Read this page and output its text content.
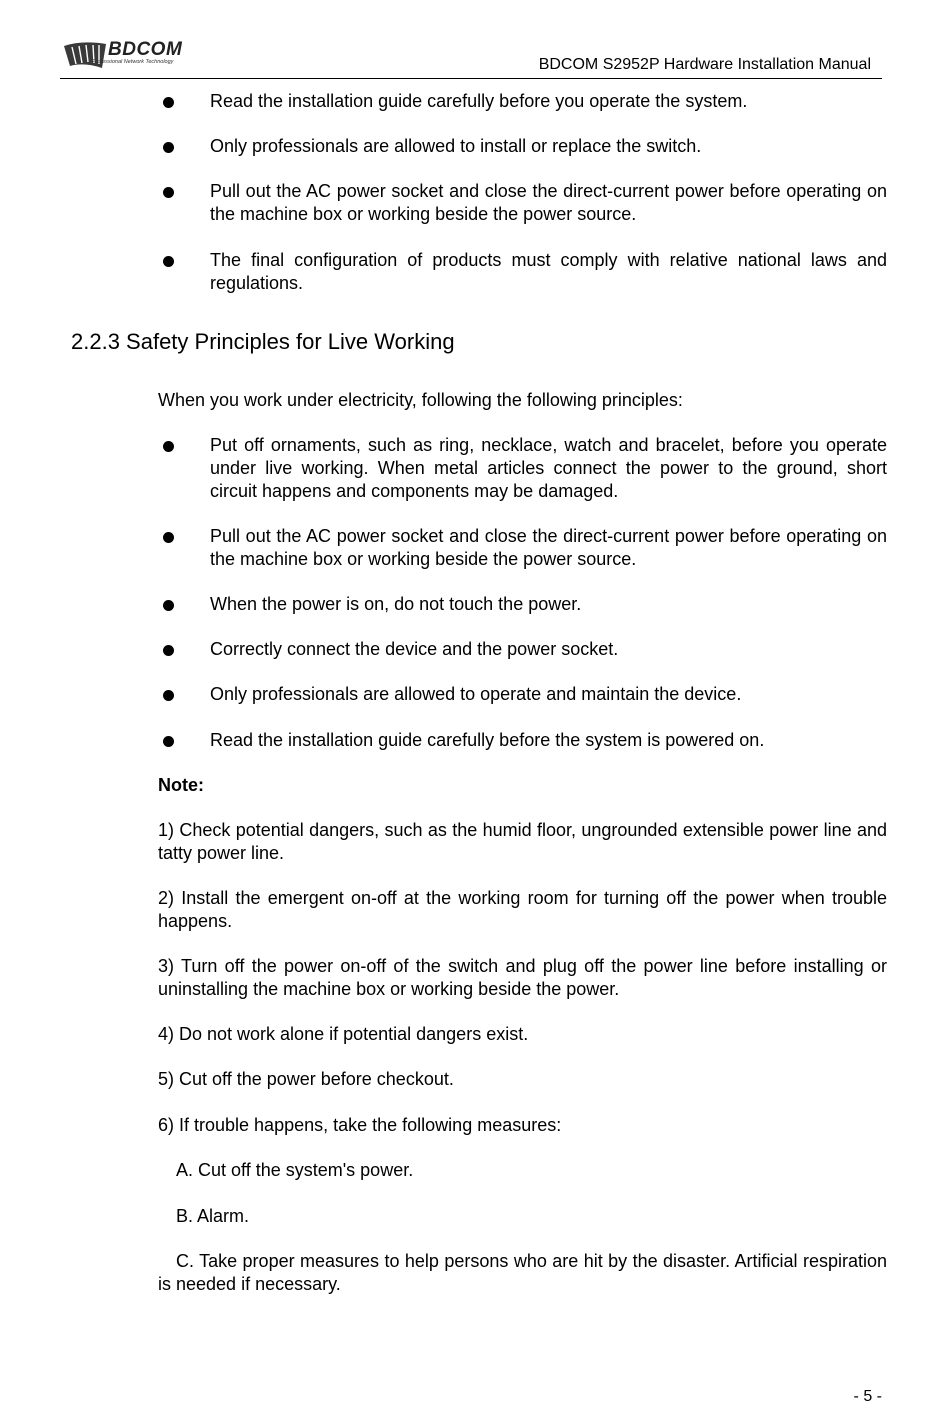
BDCOM
Professional Network Technology	BDCOM S2952P Hardware Installation Manual
Read the installation guide carefully before you operate the system.
Only professionals are allowed to install or replace the switch.
Pull out the AC power socket and close the direct-current power before operating on the machine box or working beside the power source.
The final configuration of products must comply with relative national laws and regulations.
2.2.3 Safety Principles for Live Working
When you work under electricity, following the following principles:
Put off ornaments, such as ring, necklace, watch and bracelet, before you operate under live working. When metal articles connect the power to the ground, short circuit happens and components may be damaged.
Pull out the AC power socket and close the direct-current power before operating on the machine box or working beside the power source.
When the power is on, do not touch the power.
Correctly connect the device and the power socket.
Only professionals are allowed to operate and maintain the device.
Read the installation guide carefully before the system is powered on.
Note:
1) Check potential dangers, such as the humid floor, ungrounded extensible power line and tatty power line.
2) Install the emergent on-off at the working room for turning off the power when trouble happens.
3) Turn off the power on-off of the switch and plug off the power line before installing or uninstalling the machine box or working beside the power.
4) Do not work alone if potential dangers exist.
5) Cut off the power before checkout.
6) If trouble happens, take the following measures:
A. Cut off the system's power.
B. Alarm.
C. Take proper measures to help persons who are hit by the disaster. Artificial respiration is needed if necessary.
- 5 -
